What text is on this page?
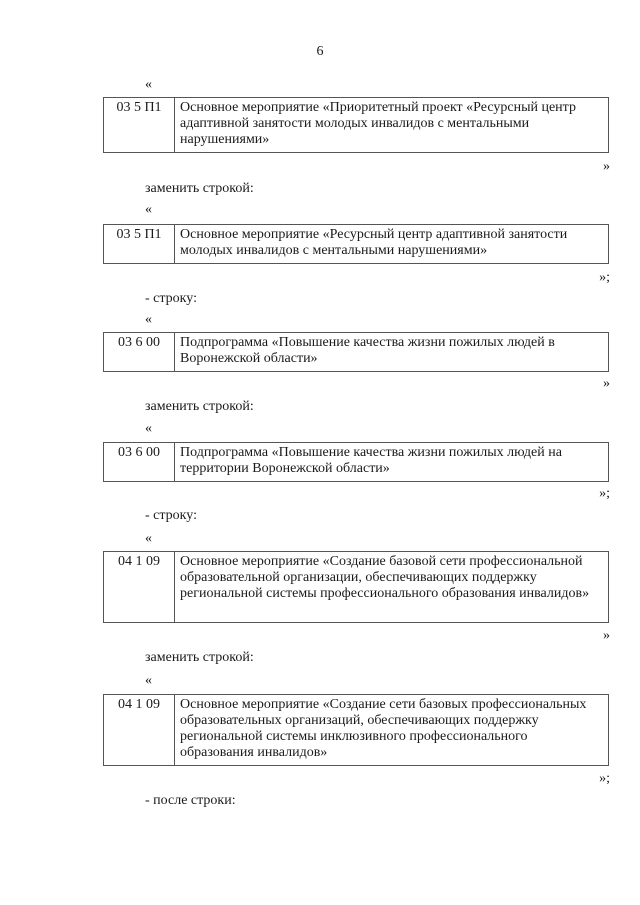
6
«
03 5 П1	Основное мероприятие «Приоритетный проект «Ресурсный центр адаптивной занятости молодых инвалидов с ментальными нарушениями»
»
заменить строкой:
«
03 5 П1	Основное мероприятие «Ресурсный центр адаптивной занятости молодых инвалидов с ментальными нарушениями»
»;
- строку:
«
03 6 00	Подпрограмма «Повышение качества жизни пожилых людей в Воронежской области»
»
заменить строкой:
«
03 6 00	Подпрограмма «Повышение качества жизни пожилых людей на территории Воронежской области»
»;
- строку:
«
04 1 09	Основное мероприятие «Создание базовой сети профессиональной образовательной организации, обеспечивающих поддержку региональной системы профессионального образования инвалидов»
»
заменить строкой:
«
04 1 09	Основное мероприятие «Создание сети базовых профессиональных образовательных организаций, обеспечивающих поддержку региональной системы инклюзивного профессионального образования инвалидов»
»;
- после строки:
